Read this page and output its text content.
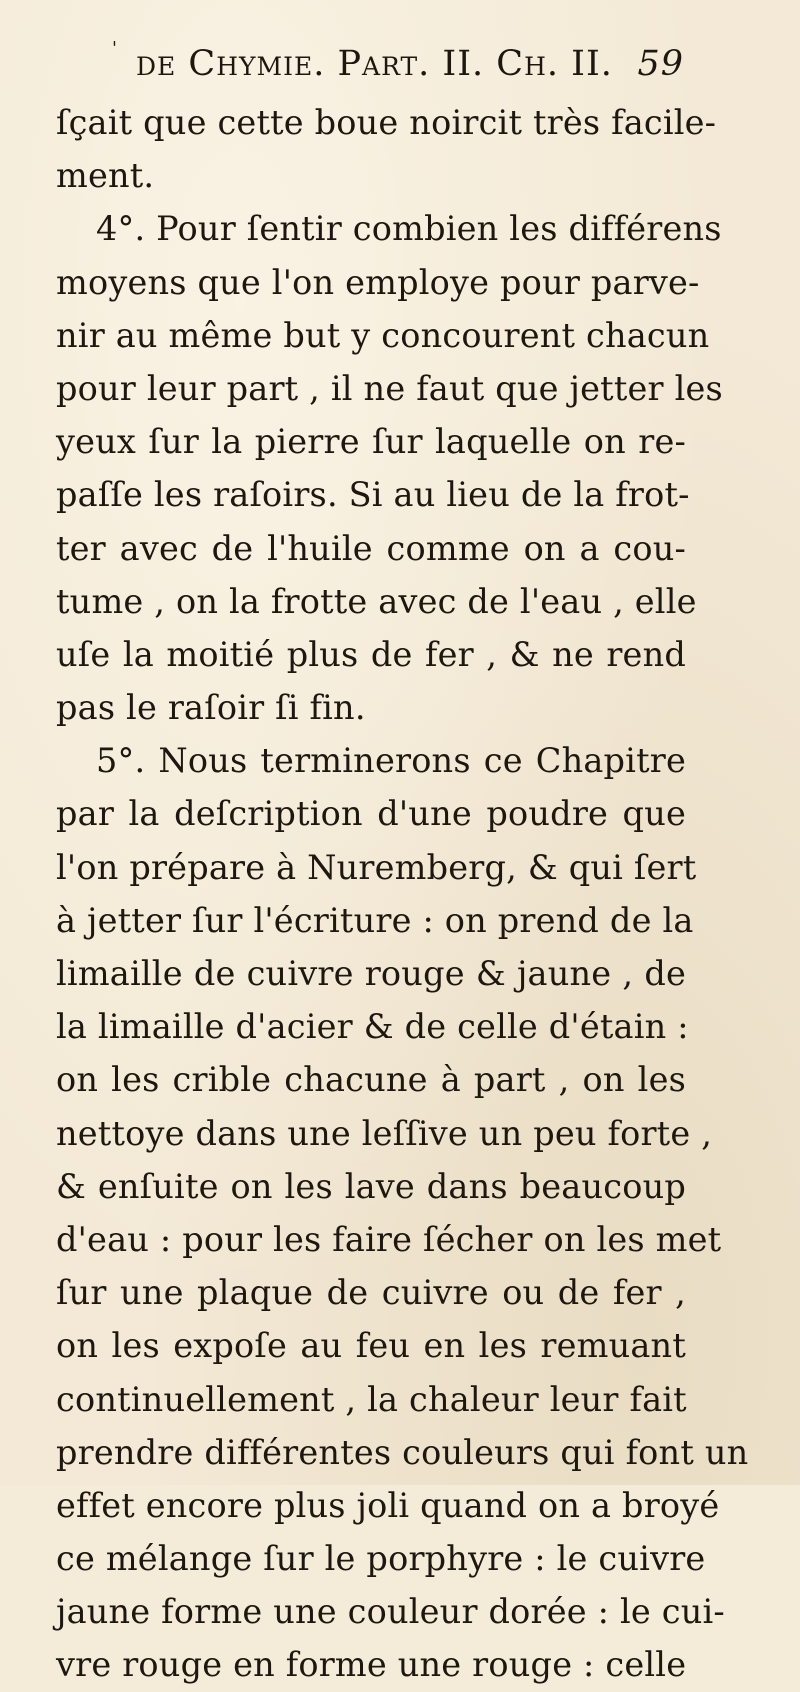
' de Chymie. Part. II. Ch. II. 59
ſçait que cette boue noircit très facile-
ment.
4°. Pour ſentir combien les différens
moyens que l'on employe pour parve-
nir au même but y concourent chacun
pour leur part , il ne faut que jetter les
yeux ſur la pierre ſur laquelle on re-
paſſe les raſoirs. Si au lieu de la frot-
ter avec de l'huile comme on a cou-
tume , on la frotte avec de l'eau , elle
uſe la moitié plus de fer , & ne rend
pas le raſoir ſi fin.
5°. Nous terminerons ce Chapitre
par la deſcription d'une poudre que
l'on prépare à Nuremberg, & qui ſert
à jetter ſur l'écriture : on prend de la
limaille de cuivre rouge & jaune , de
la limaille d'acier & de celle d'étain :
on les crible chacune à part , on les
nettoye dans une leſſive un peu forte ,
& enſuite on les lave dans beaucoup
d'eau : pour les faire ſécher on les met
ſur une plaque de cuivre ou de fer ,
on les expoſe au feu en les remuant
continuellement , la chaleur leur fait
prendre différentes couleurs qui font un
effet encore plus joli quand on a broyé
ce mélange ſur le porphyre : le cuivre
jaune forme une couleur dorée : le cui-
vre rouge en forme une rouge : celle
